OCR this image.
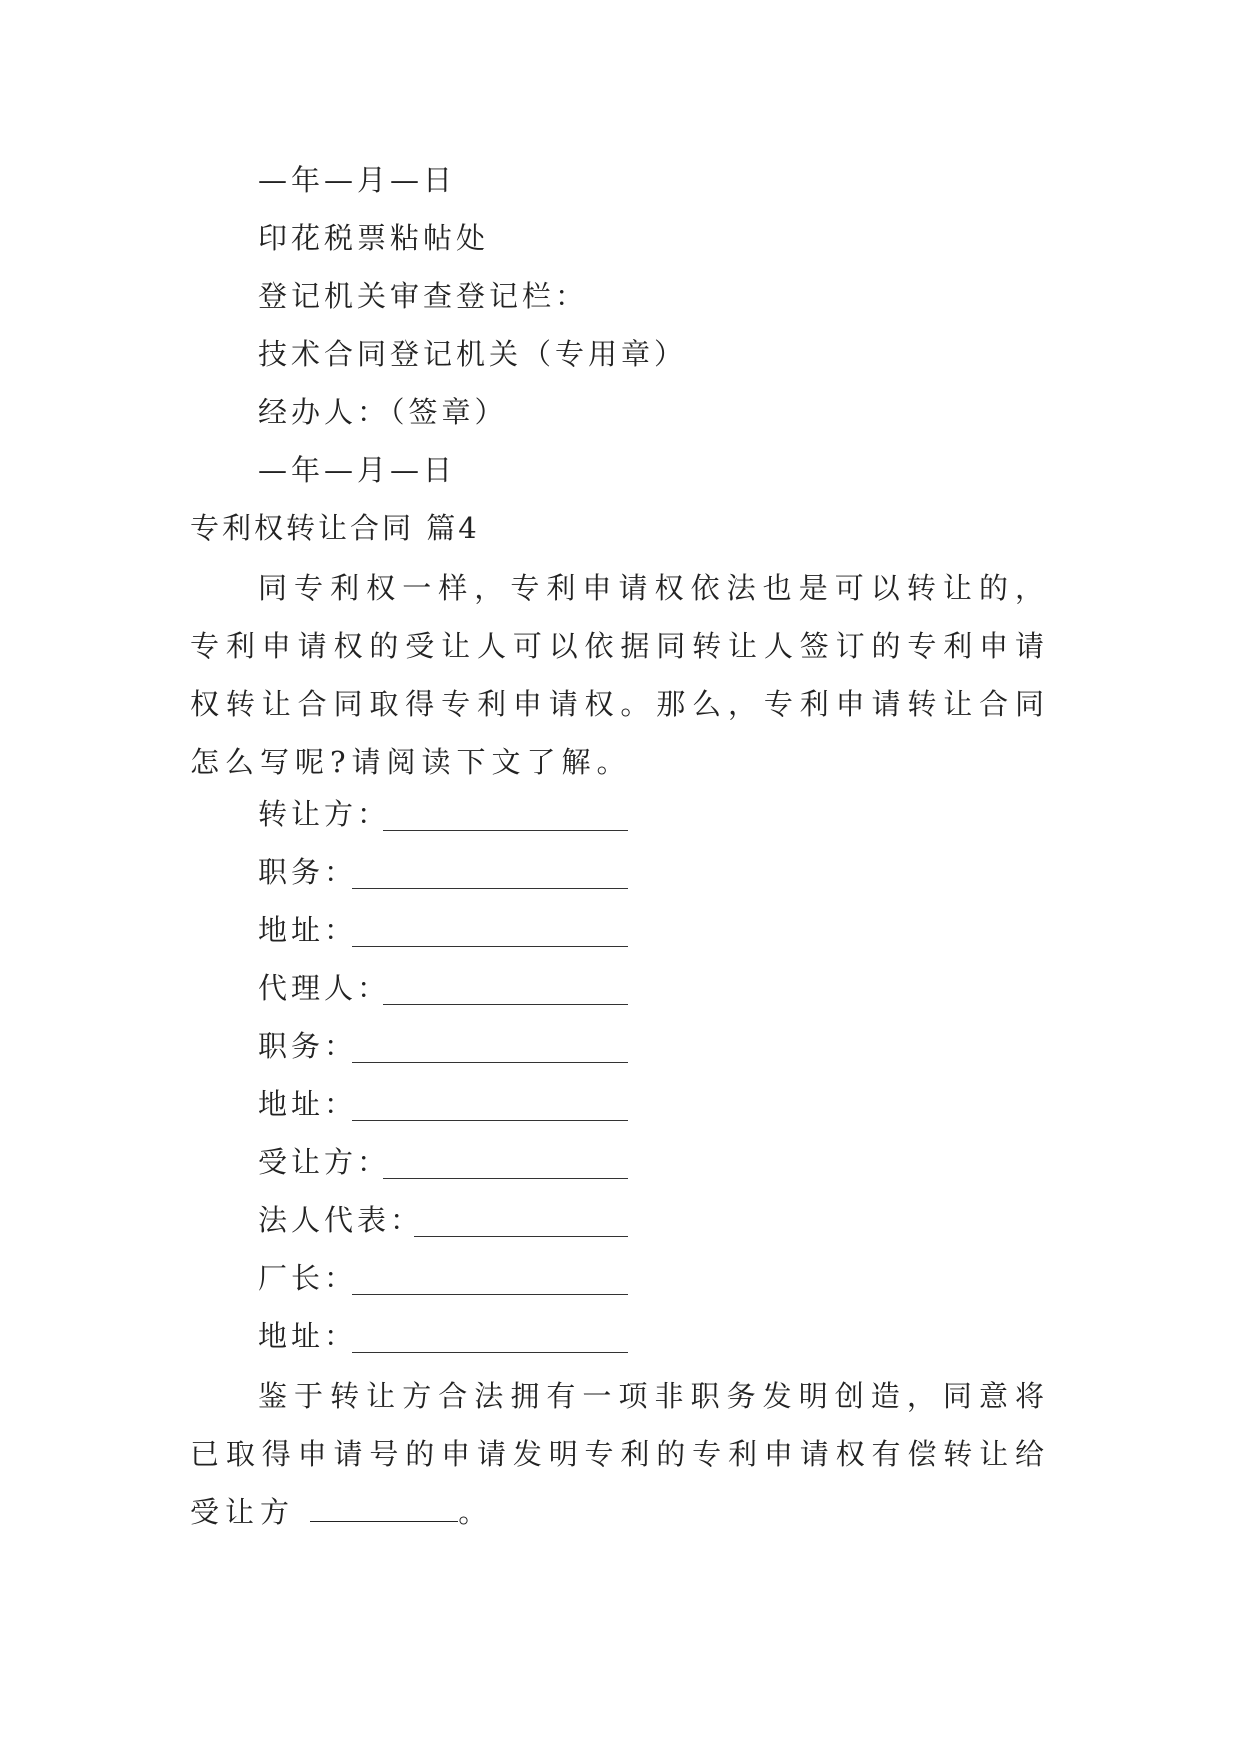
—年—月—日
印花税票粘帖处
登记机关审查登记栏：
技术合同登记机关（专用章）
经办人：（签章）
—年—月—日
专利权转让合同 篇4
同专利权一样，专利申请权依法也是可以转让的，专利申请权的受让人可以依据同转让人签订的专利申请权转让合同取得专利申请权。那么，专利申请转让合同怎么写呢?请阅读下文了解。
转让方：
职务：
地址：
代理人：
职务：
地址：
受让方：
法人代表：
厂长：
地址：
鉴于转让方合法拥有一项非职务发明创造，同意将已取得申请号的申请发明专利的专利申请权有偿转让给受让方	。
